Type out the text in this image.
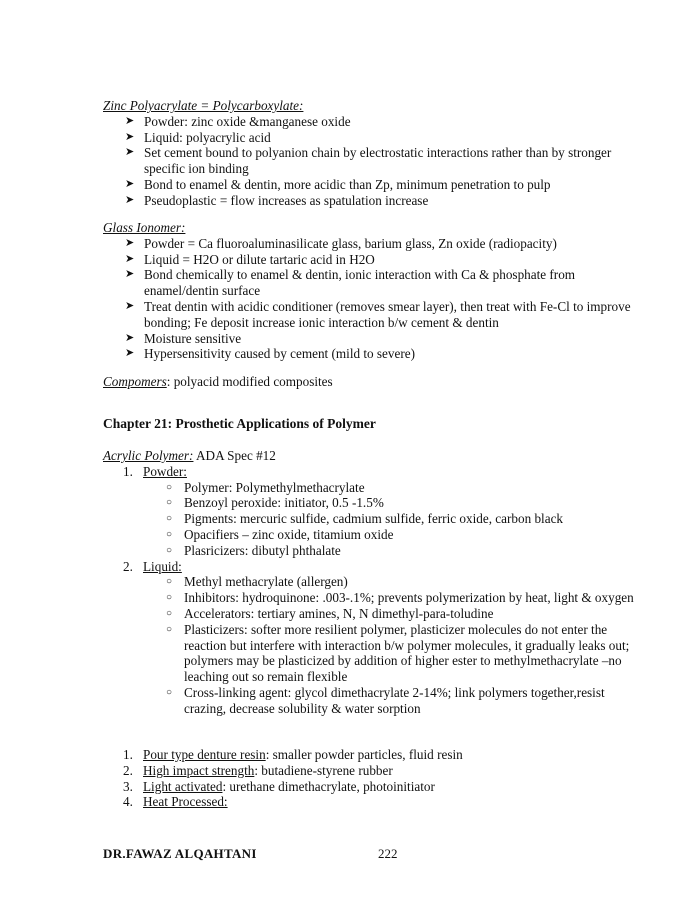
Zinc Polyacrylate = Polycarboxylate:
➤ Powder: zinc oxide &manganese oxide
➤ Liquid: polyacrylic acid
➤ Set cement bound to polyanion chain by electrostatic interactions rather than by stronger specific ion binding
➤ Bond to enamel & dentin, more acidic than Zp, minimum penetration to pulp
➤ Pseudoplastic = flow increases as spatulation increase
Glass Ionomer:
➤ Powder = Ca fluoroaluminasilicate glass, barium glass, Zn oxide (radiopacity)
➤ Liquid = H2O or dilute tartaric acid in H2O
➤ Bond chemically to enamel & dentin, ionic interaction with Ca & phosphate from enamel/dentin surface
➤ Treat dentin with acidic conditioner (removes smear layer), then treat with Fe-Cl to improve bonding; Fe deposit increase ionic interaction b/w cement & dentin
➤ Moisture sensitive
➤ Hypersensitivity caused by cement (mild to severe)
Compomers: polyacid modified composites
Chapter 21: Prosthetic Applications of Polymer
Acrylic Polymer: ADA Spec #12
1. Powder:
○ Polymer: Polymethylmethacrylate
○ Benzoyl peroxide: initiator, 0.5 -1.5%
○ Pigments: mercuric sulfide, cadmium sulfide, ferric oxide, carbon black
○ Opacifiers – zinc oxide, titamium oxide
○ Plasricizers: dibutyl phthalate
2. Liquid:
○ Methyl methacrylate (allergen)
○ Inhibitors: hydroquinone: .003-.1%; prevents polymerization by heat, light & oxygen
○ Accelerators: tertiary amines, N, N dimethyl-para-toludine
○ Plasticizers: softer more resilient polymer, plasticizer molecules do not enter the reaction but interfere with interaction b/w polymer molecules, it gradually leaks out; polymers may be plasticized by addition of higher ester to methylmethacrylate –no leaching out so remain flexible
○ Cross-linking agent: glycol dimethacrylate 2-14%; link polymers together,resist crazing, decrease solubility & water sorption
1. Pour type denture resin: smaller powder particles, fluid resin
2. High impact strength: butadiene-styrene rubber
3. Light activated: urethane dimethacrylate, photoinitiator
4. Heat Processed:
DR.FAWAZ ALQAHTANI	222
